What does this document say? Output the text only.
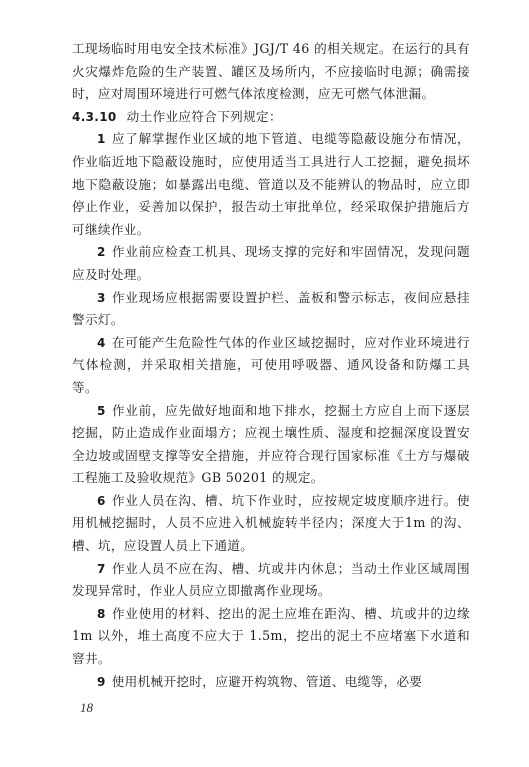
工现场临时用电安全技术标准》JGJ/T 46 的相关规定。在运行的具有火灾爆炸危险的生产装置、罐区及场所内，不应接临时电源；确需接时，应对周围环境进行可燃气体浓度检测，应无可燃气体泄漏。

4.3.10 动土作业应符合下列规定：

1 应了解掌握作业区域的地下管道、电缆等隐蔽设施分布情况，作业临近地下隐蔽设施时，应使用适当工具进行人工挖掘，避免损坏地下隐蔽设施；如暴露出电缆、管道以及不能辨认的物品时，应立即停止作业，妥善加以保护，报告动土审批单位，经采取保护措施后方可继续作业。

2 作业前应检查工机具、现场支撑的完好和牢固情况，发现问题应及时处理。

3 作业现场应根据需要设置护栏、盖板和警示标志，夜间应悬挂警示灯。

4 在可能产生危险性气体的作业区域挖掘时，应对作业环境进行气体检测，并采取相关措施，可使用呼吸器、通风设备和防爆工具等。

5 作业前，应先做好地面和地下排水，挖掘土方应自上而下逐层挖掘，防止造成作业面塌方；应视土壤性质、湿度和挖掘深度设置安全边坡或固壁支撑等安全措施，并应符合现行国家标准《土方与爆破工程施工及验收规范》GB 50201 的规定。

6 作业人员在沟、槽、坑下作业时，应按规定坡度顺序进行。使用机械挖掘时，人员不应进入机械旋转半径内；深度大于1m 的沟、槽、坑，应设置人员上下通道。

7 作业人员不应在沟、槽、坑或井内休息；当动土作业区域周围发现异常时，作业人员应立即撤离作业现场。

8 作业使用的材料、挖出的泥土应堆在距沟、槽、坑或井的边缘 1m 以外，堆土高度不应大于 1.5m，挖出的泥土不应堵塞下水道和窨井。

9 使用机械开挖时，应避开构筑物、管道、电缆等，必要

18
